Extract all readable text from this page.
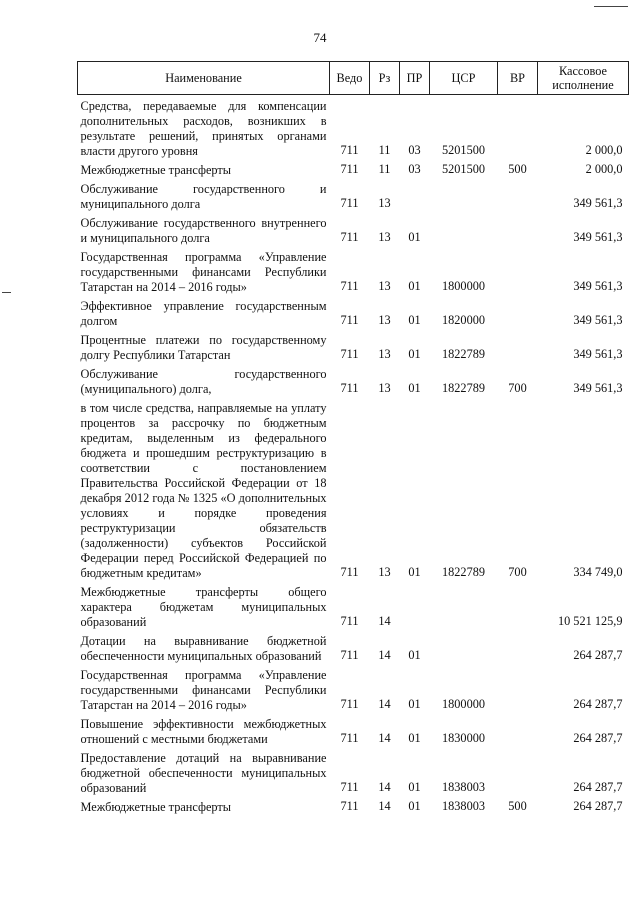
74
Наименование	Ведо	Рз	ПР	ЦСР	ВР	Кассовое исполнение
Средства, передаваемые для компенсации дополнительных расходов, возникших в результате решений, принятых органами власти другого уровня	711	11	03	5201500		2 000,0
Межбюджетные трансферты	711	11	03	5201500	500	2 000,0
Обслуживание государственного и муниципального долга	711	13				349 561,3
Обслуживание государственного внутреннего и муниципального долга	711	13	01			349 561,3
Государственная программа «Управление государственными финансами Республики Татарстан на 2014 – 2016 годы»	711	13	01	1800000		349 561,3
Эффективное управление государственным долгом	711	13	01	1820000		349 561,3
Процентные платежи по государственному долгу Республики Татарстан	711	13	01	1822789		349 561,3
Обслуживание государственного (муниципального) долга,	711	13	01	1822789	700	349 561,3
в том числе средства, направляемые на уплату процентов за рассрочку по бюджетным кредитам, выделенным из федерального бюджета и прошедшим реструктуризацию в соответствии с постановлением Правительства Российской Федерации от 18 декабря 2012 года № 1325 «О дополнительных условиях и порядке проведения реструктуризации обязательств (задолженности) субъектов Российской Федерации перед Российской Федерацией по бюджетным кредитам»	711	13	01	1822789	700	334 749,0
Межбюджетные трансферты общего характера бюджетам муниципальных образований	711	14				10 521 125,9
Дотации на выравнивание бюджетной обеспеченности муниципальных образований	711	14	01			264 287,7
Государственная программа «Управление государственными финансами Республики Татарстан на 2014 – 2016 годы»	711	14	01	1800000		264 287,7
Повышение эффективности межбюджетных отношений с местными бюджетами	711	14	01	1830000		264 287,7
Предоставление дотаций на выравнивание бюджетной обеспеченности муниципальных образований	711	14	01	1838003		264 287,7
Межбюджетные трансферты	711	14	01	1838003	500	264 287,7
